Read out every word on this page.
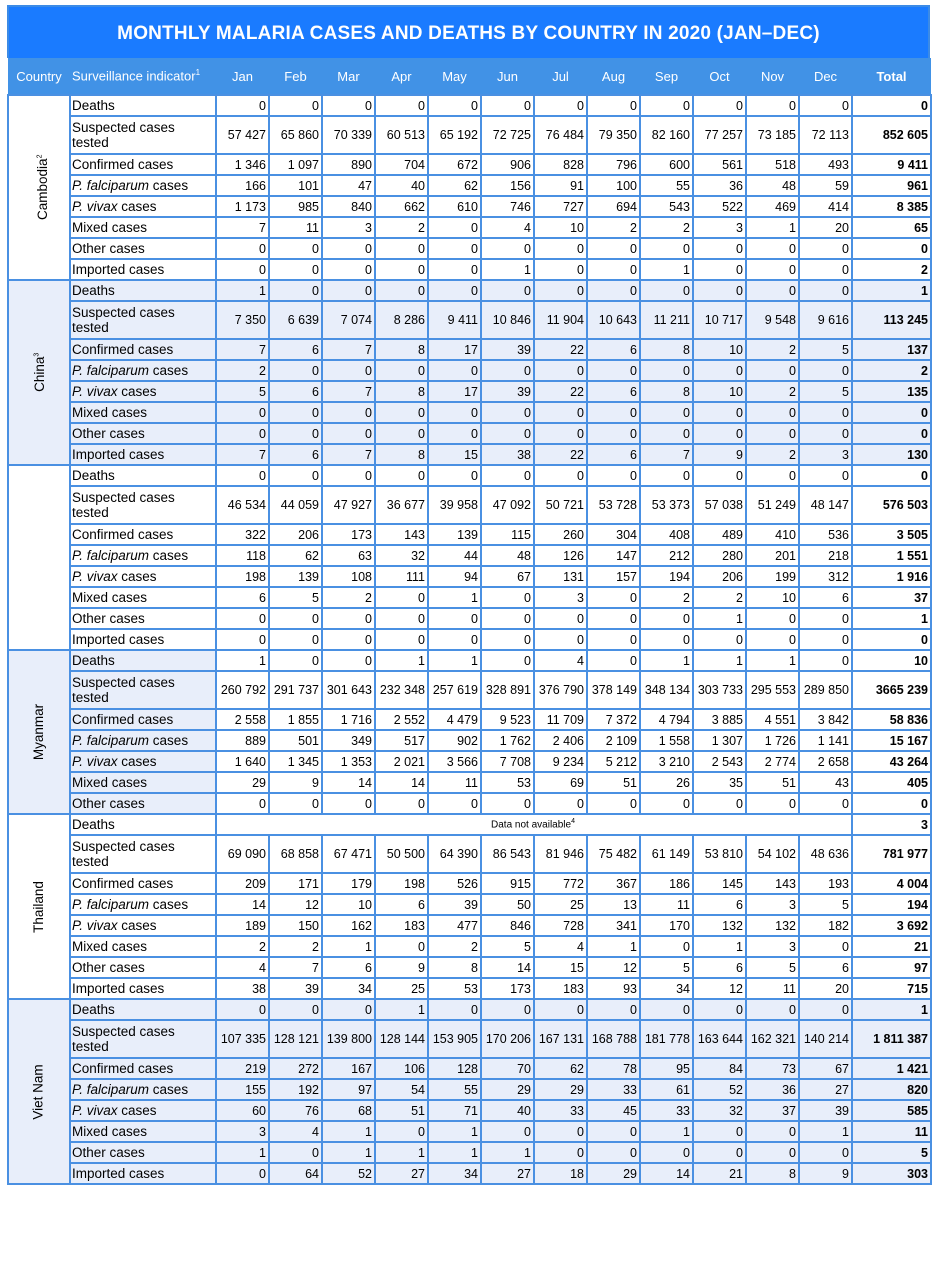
MONTHLY MALARIA CASES AND DEATHS BY COUNTRY IN 2020 (JAN–DEC)
Country	Surveillance indicator$^1$	Jan	Feb	Mar	Apr	May	Jun	Jul	Aug	Sep	Oct	Nov	Dec	Total
Cambodia$^2$	Deaths	0	0	0	0	0	0	0	0	0	0	0	0	0
	Suspected cases tested	57 427	65 860	70 339	60 513	65 192	72 725	76 484	79 350	82 160	77 257	73 185	72 113	852 605
	Confirmed cases	1 346	1 097	890	704	672	906	828	796	600	561	518	493	9 411
	P. falciparum cases	166	101	47	40	62	156	91	100	55	36	48	59	961
	P. vivax cases	1 173	985	840	662	610	746	727	694	543	522	469	414	8 385
	Mixed cases	7	11	3	2	0	4	10	2	2	3	1	20	65
	Other cases	0	0	0	0	0	0	0	0	0	0	0	0	0
	Imported cases	0	0	0	0	0	1	0	0	1	0	0	0	2
China$^3$	Deaths	1	0	0	0	0	0	0	0	0	0	0	0	1
	Suspected cases tested	7 350	6 639	7 074	8 286	9 411	10 846	11 904	10 643	11 211	10 717	9 548	9 616	113 245
	Confirmed cases	7	6	7	8	17	39	22	6	8	10	2	5	137
	P. falciparum cases	2	0	0	0	0	0	0	0	0	0	0	0	2
	P. vivax cases	5	6	7	8	17	39	22	6	8	10	2	5	135
	Mixed cases	0	0	0	0	0	0	0	0	0	0	0	0	0
	Other cases	0	0	0	0	0	0	0	0	0	0	0	0	0
	Imported cases	7	6	7	8	15	38	22	6	7	9	2	3	130
Lao People’s Democratic	Deaths	0	0	0	0	0	0	0	0	0	0	0	0	0
	Suspected cases tested	46 534	44 059	47 927	36 677	39 958	47 092	50 721	53 728	53 373	57 038	51 249	48 147	576 503
	Confirmed cases	322	206	173	143	139	115	260	304	408	489	410	536	3 505
	P. falciparum cases	118	62	63	32	44	48	126	147	212	280	201	218	1 551
	P. vivax cases	198	139	108	111	94	67	131	157	194	206	199	312	1 916
	Mixed cases	6	5	2	0	1	0	3	0	2	2	10	6	37
	Other cases	0	0	0	0	0	0	0	0	0	1	0	0	1
	Imported cases	0	0	0	0	0	0	0	0	0	0	0	0	0
Myanmar	Deaths	1	0	0	1	1	0	4	0	1	1	1	0	10
	Suspected cases tested	260 792	291 737	301 643	232 348	257 619	328 891	376 790	378 149	348 134	303 733	295 553	289 850	3665 239
	Confirmed cases	2 558	1 855	1 716	2 552	4 479	9 523	11 709	7 372	4 794	3 885	4 551	3 842	58 836
	P. falciparum cases	889	501	349	517	902	1 762	2 406	2 109	1 558	1 307	1 726	1 141	15 167
	P. vivax cases	1 640	1 345	1 353	2 021	3 566	7 708	9 234	5 212	3 210	2 543	2 774	2 658	43 264
	Mixed cases	29	9	14	14	11	53	69	51	26	35	51	43	405
	Other cases	0	0	0	0	0	0	0	0	0	0	0	0	0
Thailand	Deaths	Data not available$^4$												3
	Suspected cases tested	69 090	68 858	67 471	50 500	64 390	86 543	81 946	75 482	61 149	53 810	54 102	48 636	781 977
	Confirmed cases	209	171	179	198	526	915	772	367	186	145	143	193	4 004
	P. falciparum cases	14	12	10	6	39	50	25	13	11	6	3	5	194
	P. vivax cases	189	150	162	183	477	846	728	341	170	132	132	182	3 692
	Mixed cases	2	2	1	0	2	5	4	1	0	1	3	0	21
	Other cases	4	7	6	9	8	14	15	12	5	6	5	6	97
	Imported cases	38	39	34	25	53	173	183	93	34	12	11	20	715
Viet Nam	Deaths	0	0	0	1	0	0	0	0	0	0	0	0	1
	Suspected cases tested	107 335	128 121	139 800	128 144	153 905	170 206	167 131	168 788	181 778	163 644	162 321	140 214	1 811 387
	Confirmed cases	219	272	167	106	128	70	62	78	95	84	73	67	1 421
	P. falciparum cases	155	192	97	54	55	29	29	33	61	52	36	27	820
	P. vivax cases	60	76	68	51	71	40	33	45	33	32	37	39	585
	Mixed cases	3	4	1	0	1	0	0	0	1	0	0	1	11
	Other cases	1	0	1	1	1	1	0	0	0	0	0	0	5
	Imported cases	0	64	52	27	34	27	18	29	14	21	8	9	303
